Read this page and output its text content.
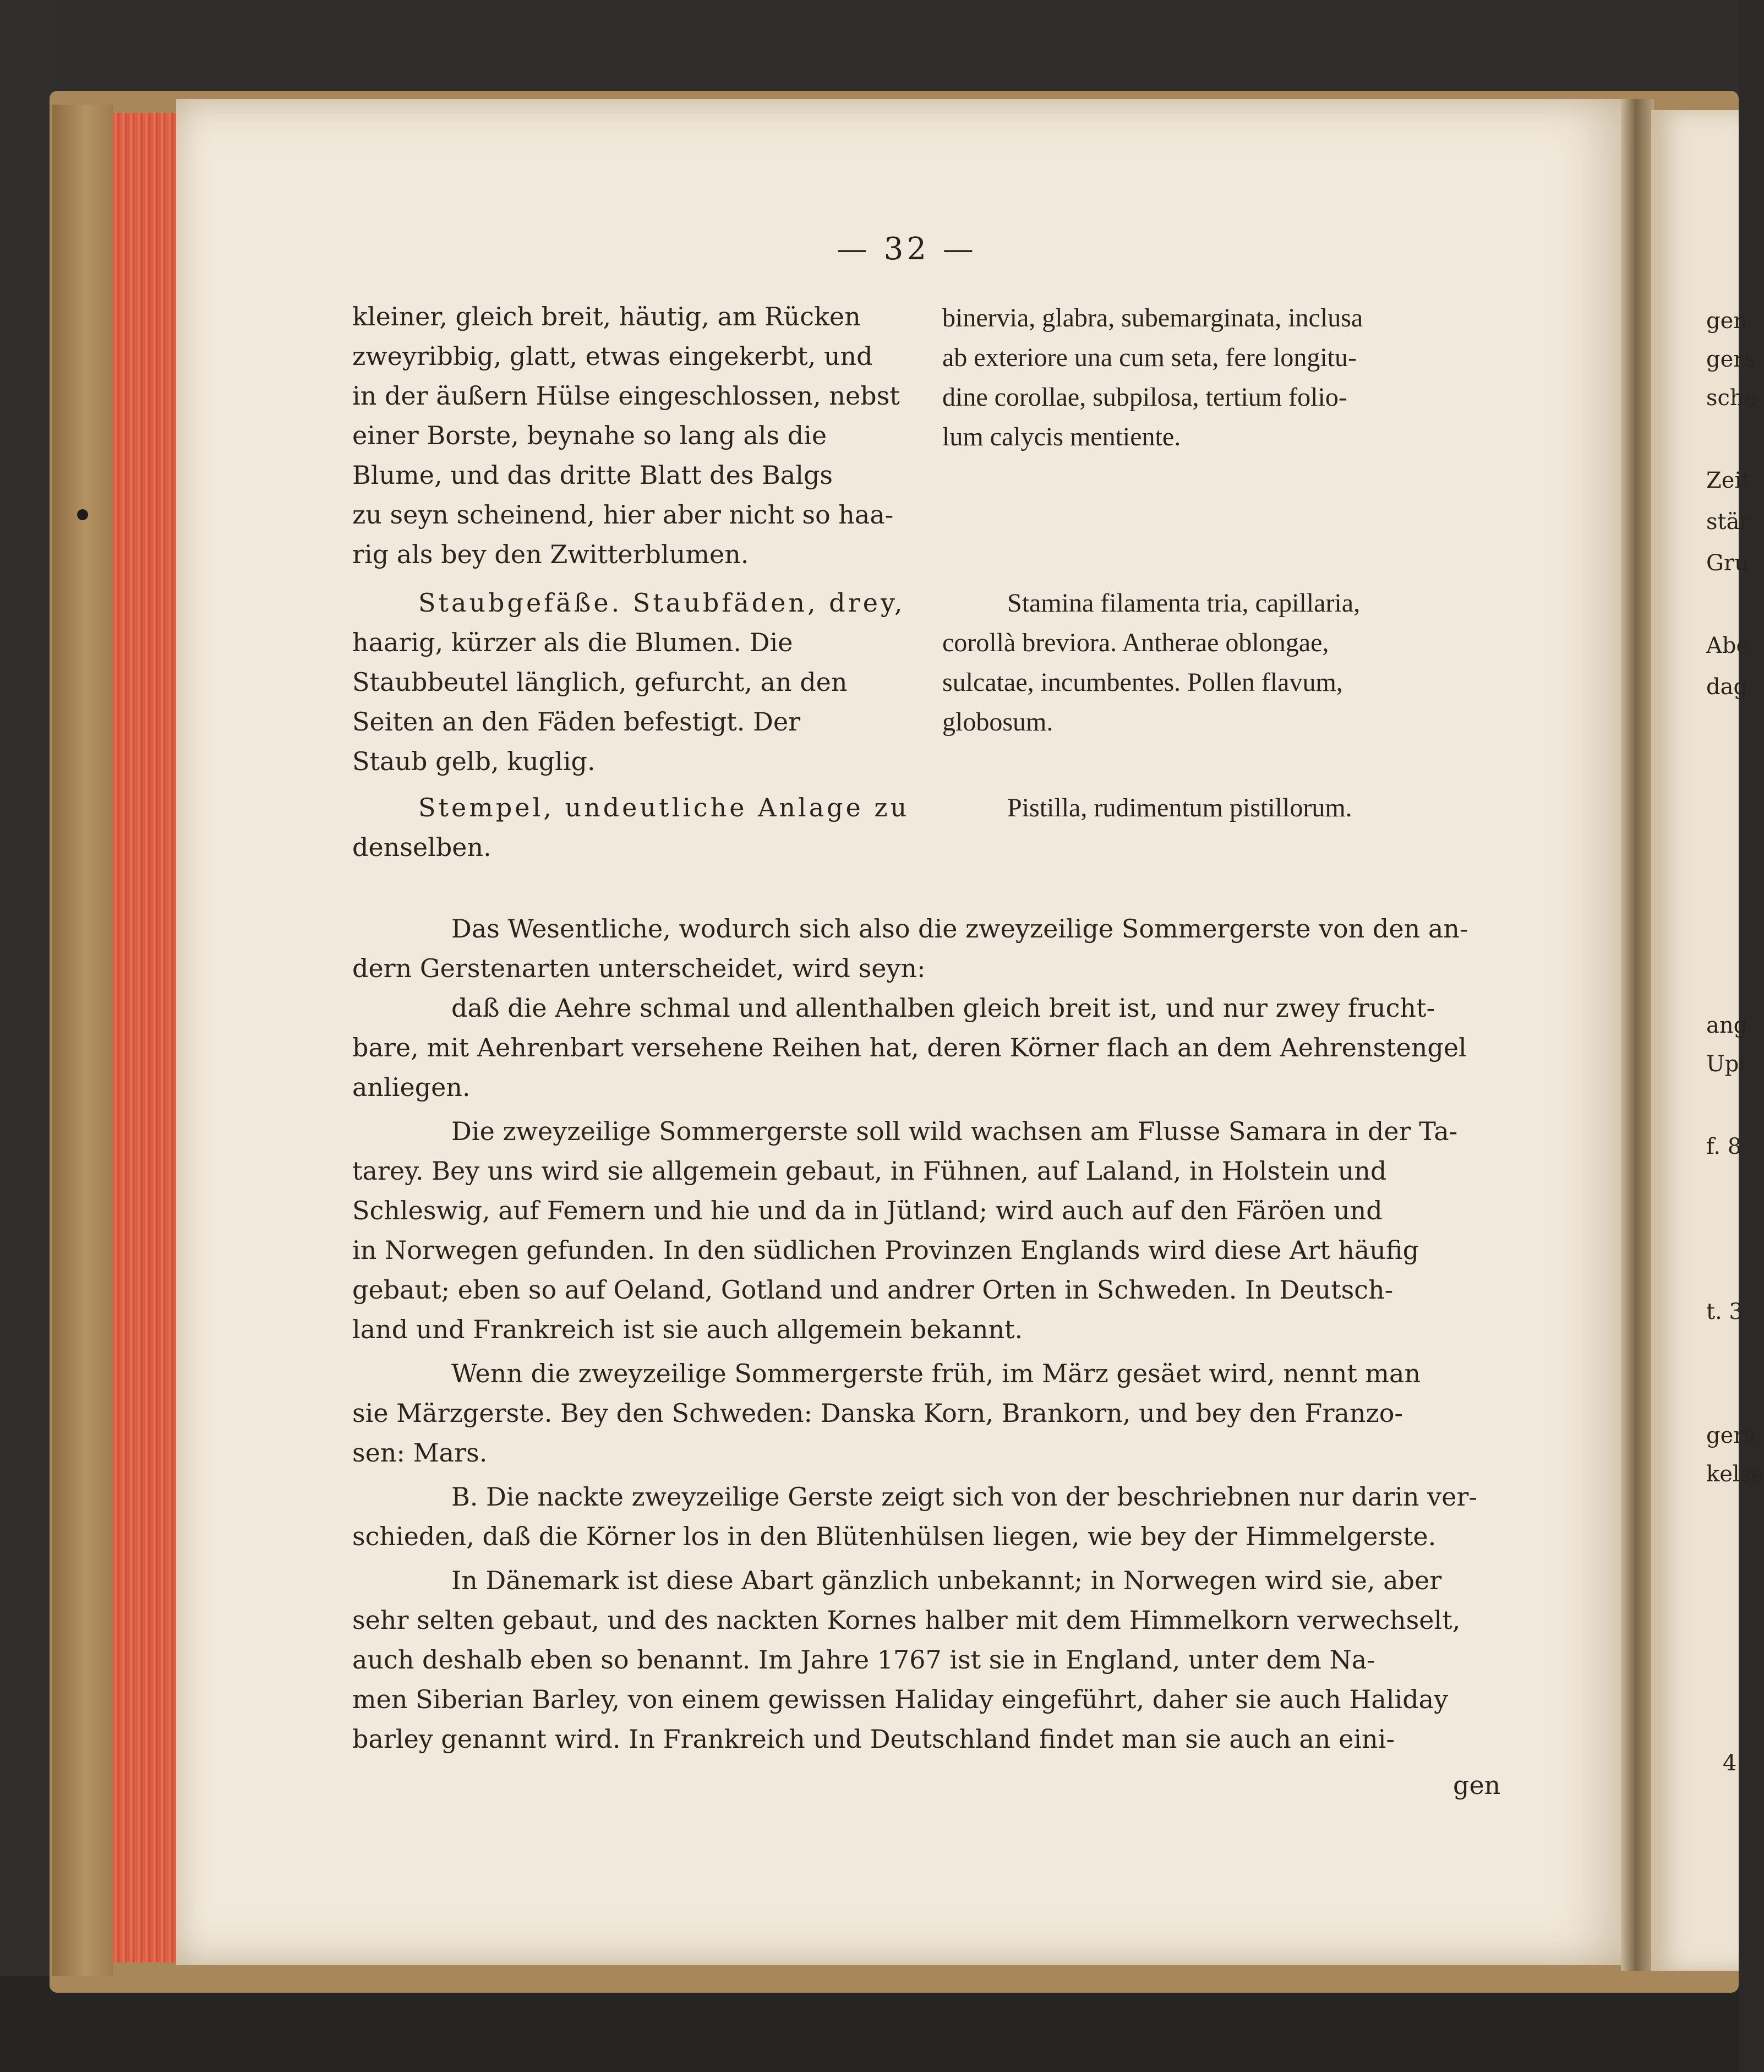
— 32 —
kleiner, gleich breit, häutig, am Rücken
zweyribbig, glatt, etwas eingekerbt, und
in der äußern Hülse eingeschlossen, nebst
einer Borste, beynahe so lang als die
Blume, und das dritte Blatt des Balgs
zu seyn scheinend, hier aber nicht so haa-
rig als bey den Zwitterblumen.
Staubgefäße. Staubfäden, drey,
haarig, kürzer als die Blumen. Die
Staubbeutel länglich, gefurcht, an den
Seiten an den Fäden befestigt. Der
Staub gelb, kuglig.
Stempel, undeutliche Anlage zu
denselben.
binervia, glabra, subemarginata, inclusa
ab exteriore una cum seta, fere longitu-
dine corollae, subpilosa, tertium folio-
lum calycis mentiente.
Stamina filamenta tria, capillaria,
corollà breviora. Antherae oblongae,
sulcatae, incumbentes. Pollen flavum,
globosum.
Pistilla, rudimentum pistillorum.
Das Wesentliche, wodurch sich also die zweyzeilige Sommergerste von den an-
dern Gerstenarten unterscheidet, wird seyn:
daß die Aehre schmal und allenthalben gleich breit ist, und nur zwey frucht-
bare, mit Aehrenbart versehene Reihen hat, deren Körner flach an dem Aehrenstengel
anliegen.
Die zweyzeilige Sommergerste soll wild wachsen am Flusse Samara in der Ta-
tarey. Bey uns wird sie allgemein gebaut, in Fühnen, auf Laland, in Holstein und
Schleswig, auf Femern und hie und da in Jütland; wird auch auf den Färöen und
in Norwegen gefunden. In den südlichen Provinzen Englands wird diese Art häufig
gebaut; eben so auf Oeland, Gotland und andrer Orten in Schweden. In Deutsch-
land und Frankreich ist sie auch allgemein bekannt.
Wenn die zweyzeilige Sommergerste früh, im März gesäet wird, nennt man
sie Märzgerste. Bey den Schweden: Danska Korn, Brankorn, und bey den Franzo-
sen: Mars.
B. Die nackte zweyzeilige Gerste zeigt sich von der beschriebnen nur darin ver-
schieden, daß die Körner los in den Blütenhülsen liegen, wie bey der Himmelgerste.
In Dänemark ist diese Abart gänzlich unbekannt; in Norwegen wird sie, aber
sehr selten gebaut, und des nackten Kornes halber mit dem Himmelkorn verwechselt,
auch deshalb eben so benannt. Im Jahre 1767 ist sie in England, unter dem Na-
men Siberian Barley, von einem gewissen Haliday eingeführt, daher sie auch Haliday
barley genannt wird. In Frankreich und Deutschland findet man sie auch an eini-
gen
gen
gers
sche
Zeit
stär
Gru
Abe
dag
ang
Upl
f. 8
t. 3
gers
kelse
4
